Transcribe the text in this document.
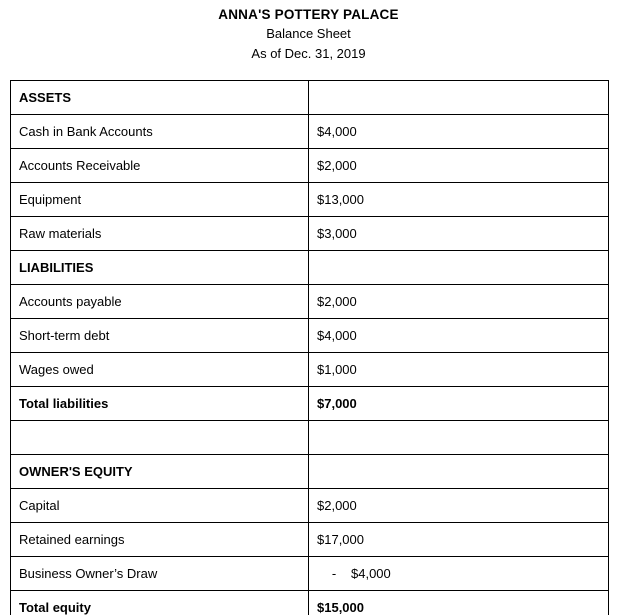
ANNA'S POTTERY PALACE
Balance Sheet
As of Dec. 31, 2019
ASSETS	
Cash in Bank Accounts	$4,000
Accounts Receivable	$2,000
Equipment	$13,000
Raw materials	$3,000
LIABILITIES	
Accounts payable	$2,000
Short-term debt	$4,000
Wages owed	$1,000
Total liabilities	$7,000

OWNER'S EQUITY	
Capital	$2,000
Retained earnings	$17,000
Business Owner’s Draw	- $4,000
Total equity	$15,000
